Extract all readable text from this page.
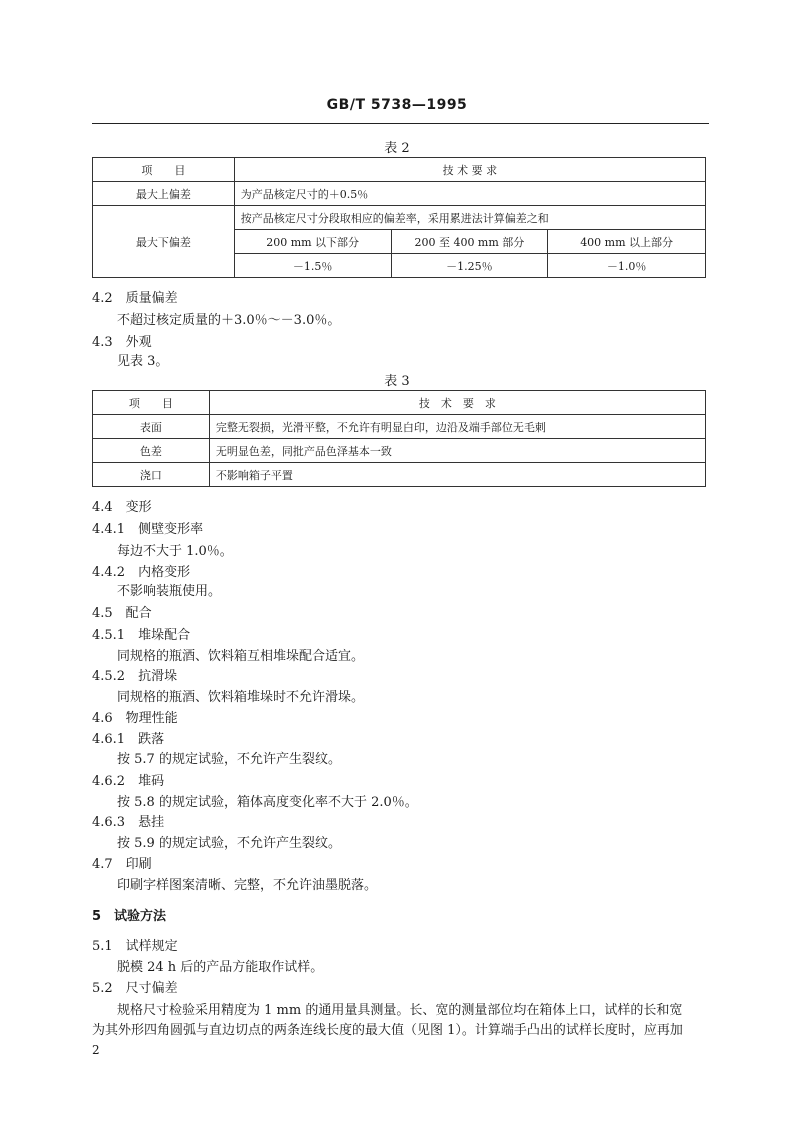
GB/T 5738—1995
表 2
项　　目	技 术 要 求		
最大上偏差	为产品核定尺寸的＋0.5％		
最大下偏差	按产品核定尺寸分段取相应的偏差率，采用累进法计算偏差之和		
	200 mm 以下部分	200 至 400 mm 部分	400 mm 以上部分
	－1.5％	－1.25％	－1.0％
4.2　质量偏差
不超过核定质量的＋3.0％～－3.0％。
4.3　外观
见表 3。
表 3
项　　目	技　术　要　求
表面	完整无裂损，光滑平整，不允许有明显白印，边沿及端手部位无毛刺
色差	无明显色差，同批产品色泽基本一致
浇口	不影响箱子平置
4.4　变形
4.4.1　侧壁变形率
每边不大于 1.0％。
4.4.2　内格变形
不影响装瓶使用。
4.5　配合
4.5.1　堆垛配合
同规格的瓶酒、饮料箱互相堆垛配合适宜。
4.5.2　抗滑垛
同规格的瓶酒、饮料箱堆垛时不允许滑垛。
4.6　物理性能
4.6.1　跌落
按 5.7 的规定试验，不允许产生裂纹。
4.6.2　堆码
按 5.8 的规定试验，箱体高度变化率不大于 2.0％。
4.6.3　悬挂
按 5.9 的规定试验，不允许产生裂纹。
4.7　印刷
印刷字样图案清晰、完整，不允许油墨脱落。
5　试验方法
5.1　试样规定
脱模 24 h 后的产品方能取作试样。
5.2　尺寸偏差
规格尺寸检验采用精度为 1 mm 的通用量具测量。长、宽的测量部位均在箱体上口，试样的长和宽
为其外形四角圆弧与直边切点的两条连线长度的最大值（见图 1）。计算端手凸出的试样长度时，应再加
2
